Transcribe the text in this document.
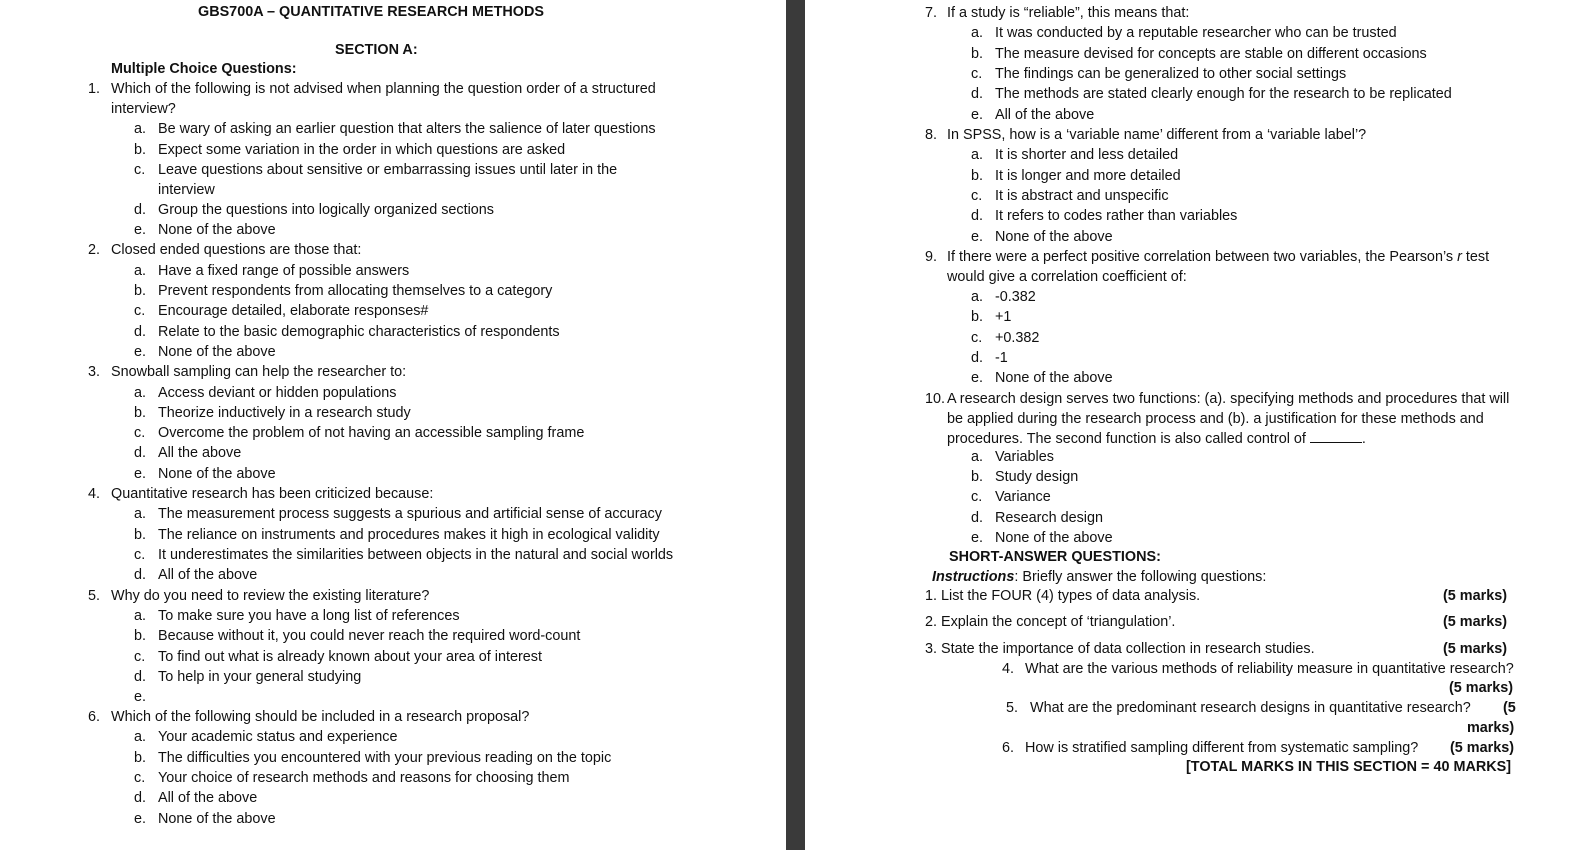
GBS700A – QUANTITATIVE RESEARCH METHODS
SECTION A:
Multiple Choice Questions:
1. Which of the following is not advised when planning the question order of a structured
interview?
a. Be wary of asking an earlier question that alters the salience of later questions
b. Expect some variation in the order in which questions are asked
c. Leave questions about sensitive or embarrassing issues until later in the
interview
d. Group the questions into logically organized sections
e. None of the above
2. Closed ended questions are those that:
a. Have a fixed range of possible answers
b. Prevent respondents from allocating themselves to a category
c. Encourage detailed, elaborate responses#
d. Relate to the basic demographic characteristics of respondents
e. None of the above
3. Snowball sampling can help the researcher to:
a. Access deviant or hidden populations
b. Theorize inductively in a research study
c. Overcome the problem of not having an accessible sampling frame
d. All the above
e. None of the above
4. Quantitative research has been criticized because:
a. The measurement process suggests a spurious and artificial sense of accuracy
b. The reliance on instruments and procedures makes it high in ecological validity
c. It underestimates the similarities between objects in the natural and social worlds
d. All of the above
5. Why do you need to review the existing literature?
a. To make sure you have a long list of references
b. Because without it, you could never reach the required word-count
c. To find out what is already known about your area of interest
d. To help in your general studying
e.
6. Which of the following should be included in a research proposal?
a. Your academic status and experience
b. The difficulties you encountered with your previous reading on the topic
c. Your choice of research methods and reasons for choosing them
d. All of the above
e. None of the above
7. If a study is “reliable”, this means that:
a. It was conducted by a reputable researcher who can be trusted
b. The measure devised for concepts are stable on different occasions
c. The findings can be generalized to other social settings
d. The methods are stated clearly enough for the research to be replicated
e. All of the above
8. In SPSS, how is a ‘variable name’ different from a ‘variable label’?
a. It is shorter and less detailed
b. It is longer and more detailed
c. It is abstract and unspecific
d. It refers to codes rather than variables
e. None of the above
9. If there were a perfect positive correlation between two variables, the Pearson’s r test
would give a correlation coefficient of:
a. -0.382
b. +1
c. +0.382
d. -1
e. None of the above
10. A research design serves two functions: (a). specifying methods and procedures that will
be applied during the research process and (b). a justification for these methods and
procedures. The second function is also called control of	.
a. Variables
b. Study design
c. Variance
d. Research design
e. None of the above
SHORT-ANSWER QUESTIONS:
Instructions: Briefly answer the following questions:
1. List the FOUR (4) types of data analysis.	(5 marks)
2. Explain the concept of ‘triangulation’.	(5 marks)
3. State the importance of data collection in research studies.	(5 marks)
4. What are the various methods of reliability measure in quantitative research?
(5 marks)
5. What are the predominant research designs in quantitative research? (5
marks)
6. How is stratified sampling different from systematic sampling? (5 marks)
[TOTAL MARKS IN THIS SECTION = 40 MARKS]
